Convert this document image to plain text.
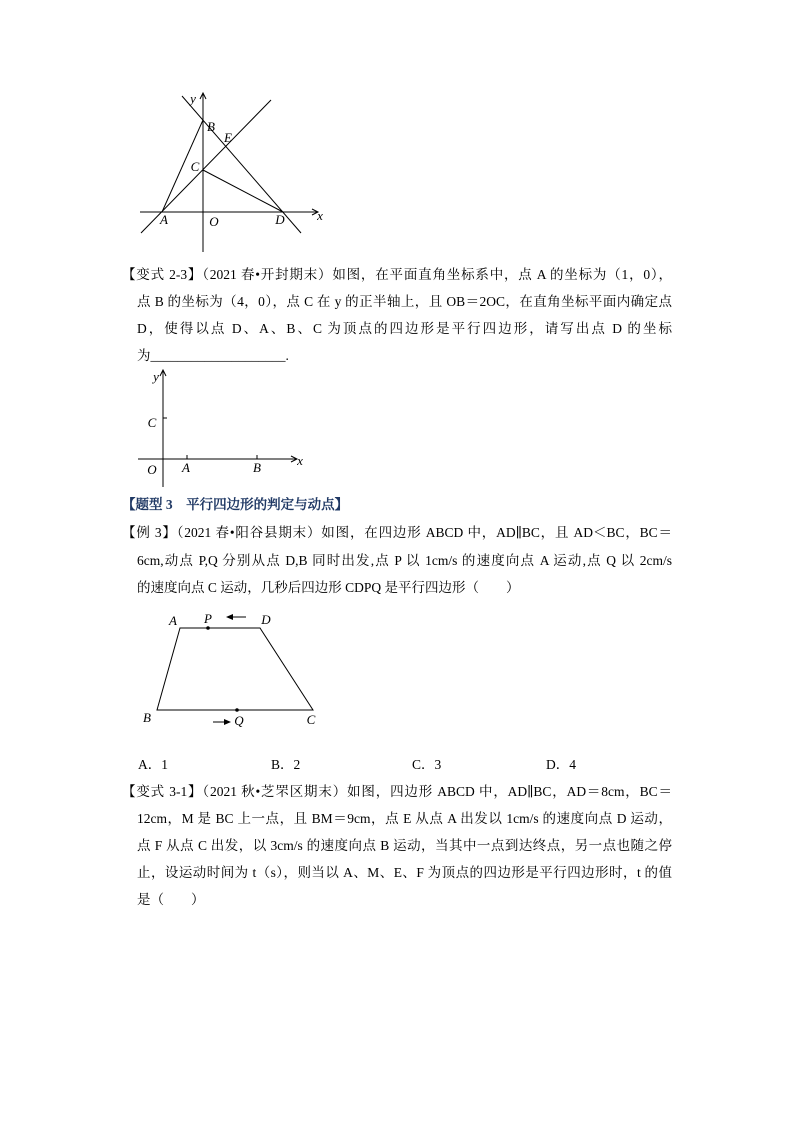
y
B
E
C
A	O	D x
【变式 2-3】（2021 春•开封期末）如图，在平面直角坐标系中，点 A 的坐标为（1，0），
点 B 的坐标为（4，0），点 C 在 y 的正半轴上，且 OB＝2OC，在直角坐标平面内确定点
D，使得以点 D、A、B、C 为顶点的四边形是平行四边形，请写出点 D 的坐标
为____________________.
y
C
O A	B	x
【题型 3　平行四边形的判定与动点】
【例 3】（2021 春•阳谷县期末）如图，在四边形 ABCD 中，AD∥BC，且 AD＜BC，BC＝
6cm,动点 P,Q 分别从点 D,B 同时出发,点 P 以 1cm/s 的速度向点 A 运动,点 Q 以 2cm/s
的速度向点 C 运动，几秒后四边形 CDPQ 是平行四边形（　　）
A P	D
B	Q	C
A．1	B．2	C．3	D．4
【变式 3-1】（2021 秋•芝罘区期末）如图，四边形 ABCD 中，AD∥BC，AD＝8cm，BC＝
12cm，M 是 BC 上一点，且 BM＝9cm，点 E 从点 A 出发以 1cm/s 的速度向点 D 运动，
点 F 从点 C 出发，以 3cm/s 的速度向点 B 运动，当其中一点到达终点，另一点也随之停
止，设运动时间为 t（s），则当以 A、M、E、F 为顶点的四边形是平行四边形时，t 的值
是（　　）
